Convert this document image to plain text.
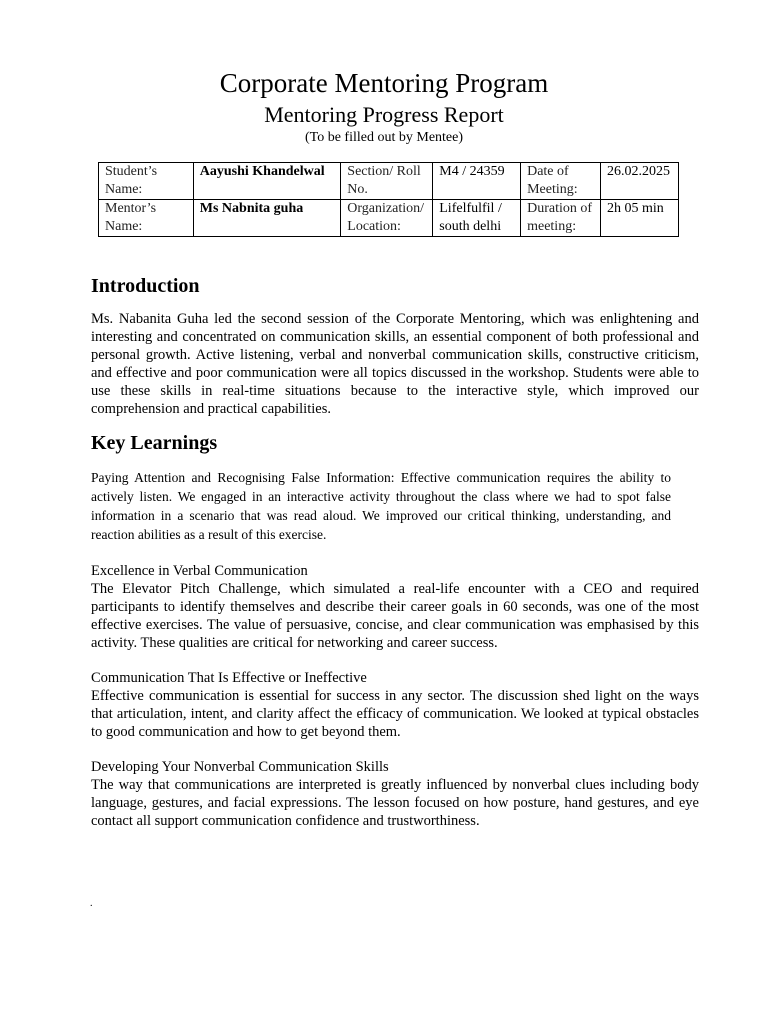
Corporate Mentoring Program
Mentoring Progress Report
(To be filled out by Mentee)
Student’s Name:	Aayushi Khandelwal	Section/ Roll No.	M4 / 24359	Date of Meeting:	26.02.2025
Mentor’s Name:	Ms Nabnita guha	Organization/ Location:	Lifelfulfil / south delhi	Duration of meeting:	2h 05 min
Introduction

Ms. Nabanita Guha led the second session of the Corporate Mentoring, which was enlightening and interesting and concentrated on communication skills, an essential component of both professional and personal growth. Active listening, verbal and nonverbal communication skills, constructive criticism, and effective and poor communication were all topics discussed in the workshop. Students were able to use these skills in real-time situations because to the interactive style, which improved our comprehension and practical capabilities.

Key Learnings

Paying Attention and Recognising False Information: Effective communication requires the ability to actively listen. We engaged in an interactive activity throughout the class where we had to spot false information in a scenario that was read aloud. We improved our critical thinking, understanding, and reaction abilities as a result of this exercise.

Excellence in Verbal Communication

The Elevator Pitch Challenge, which simulated a real-life encounter with a CEO and required participants to identify themselves and describe their career goals in 60 seconds, was one of the most effective exercises. The value of persuasive, concise, and clear communication was emphasised by this activity. These qualities are critical for networking and career success.

Communication That Is Effective or Ineffective

Effective communication is essential for success in any sector. The discussion shed light on the ways that articulation, intent, and clarity affect the efficacy of communication. We looked at typical obstacles to good communication and how to get beyond them.

Developing Your Nonverbal Communication Skills

The way that communications are interpreted is greatly influenced by nonverbal clues including body language, gestures, and facial expressions. The lesson focused on how posture, hand gestures, and eye contact all support communication confidence and trustworthiness.

.
